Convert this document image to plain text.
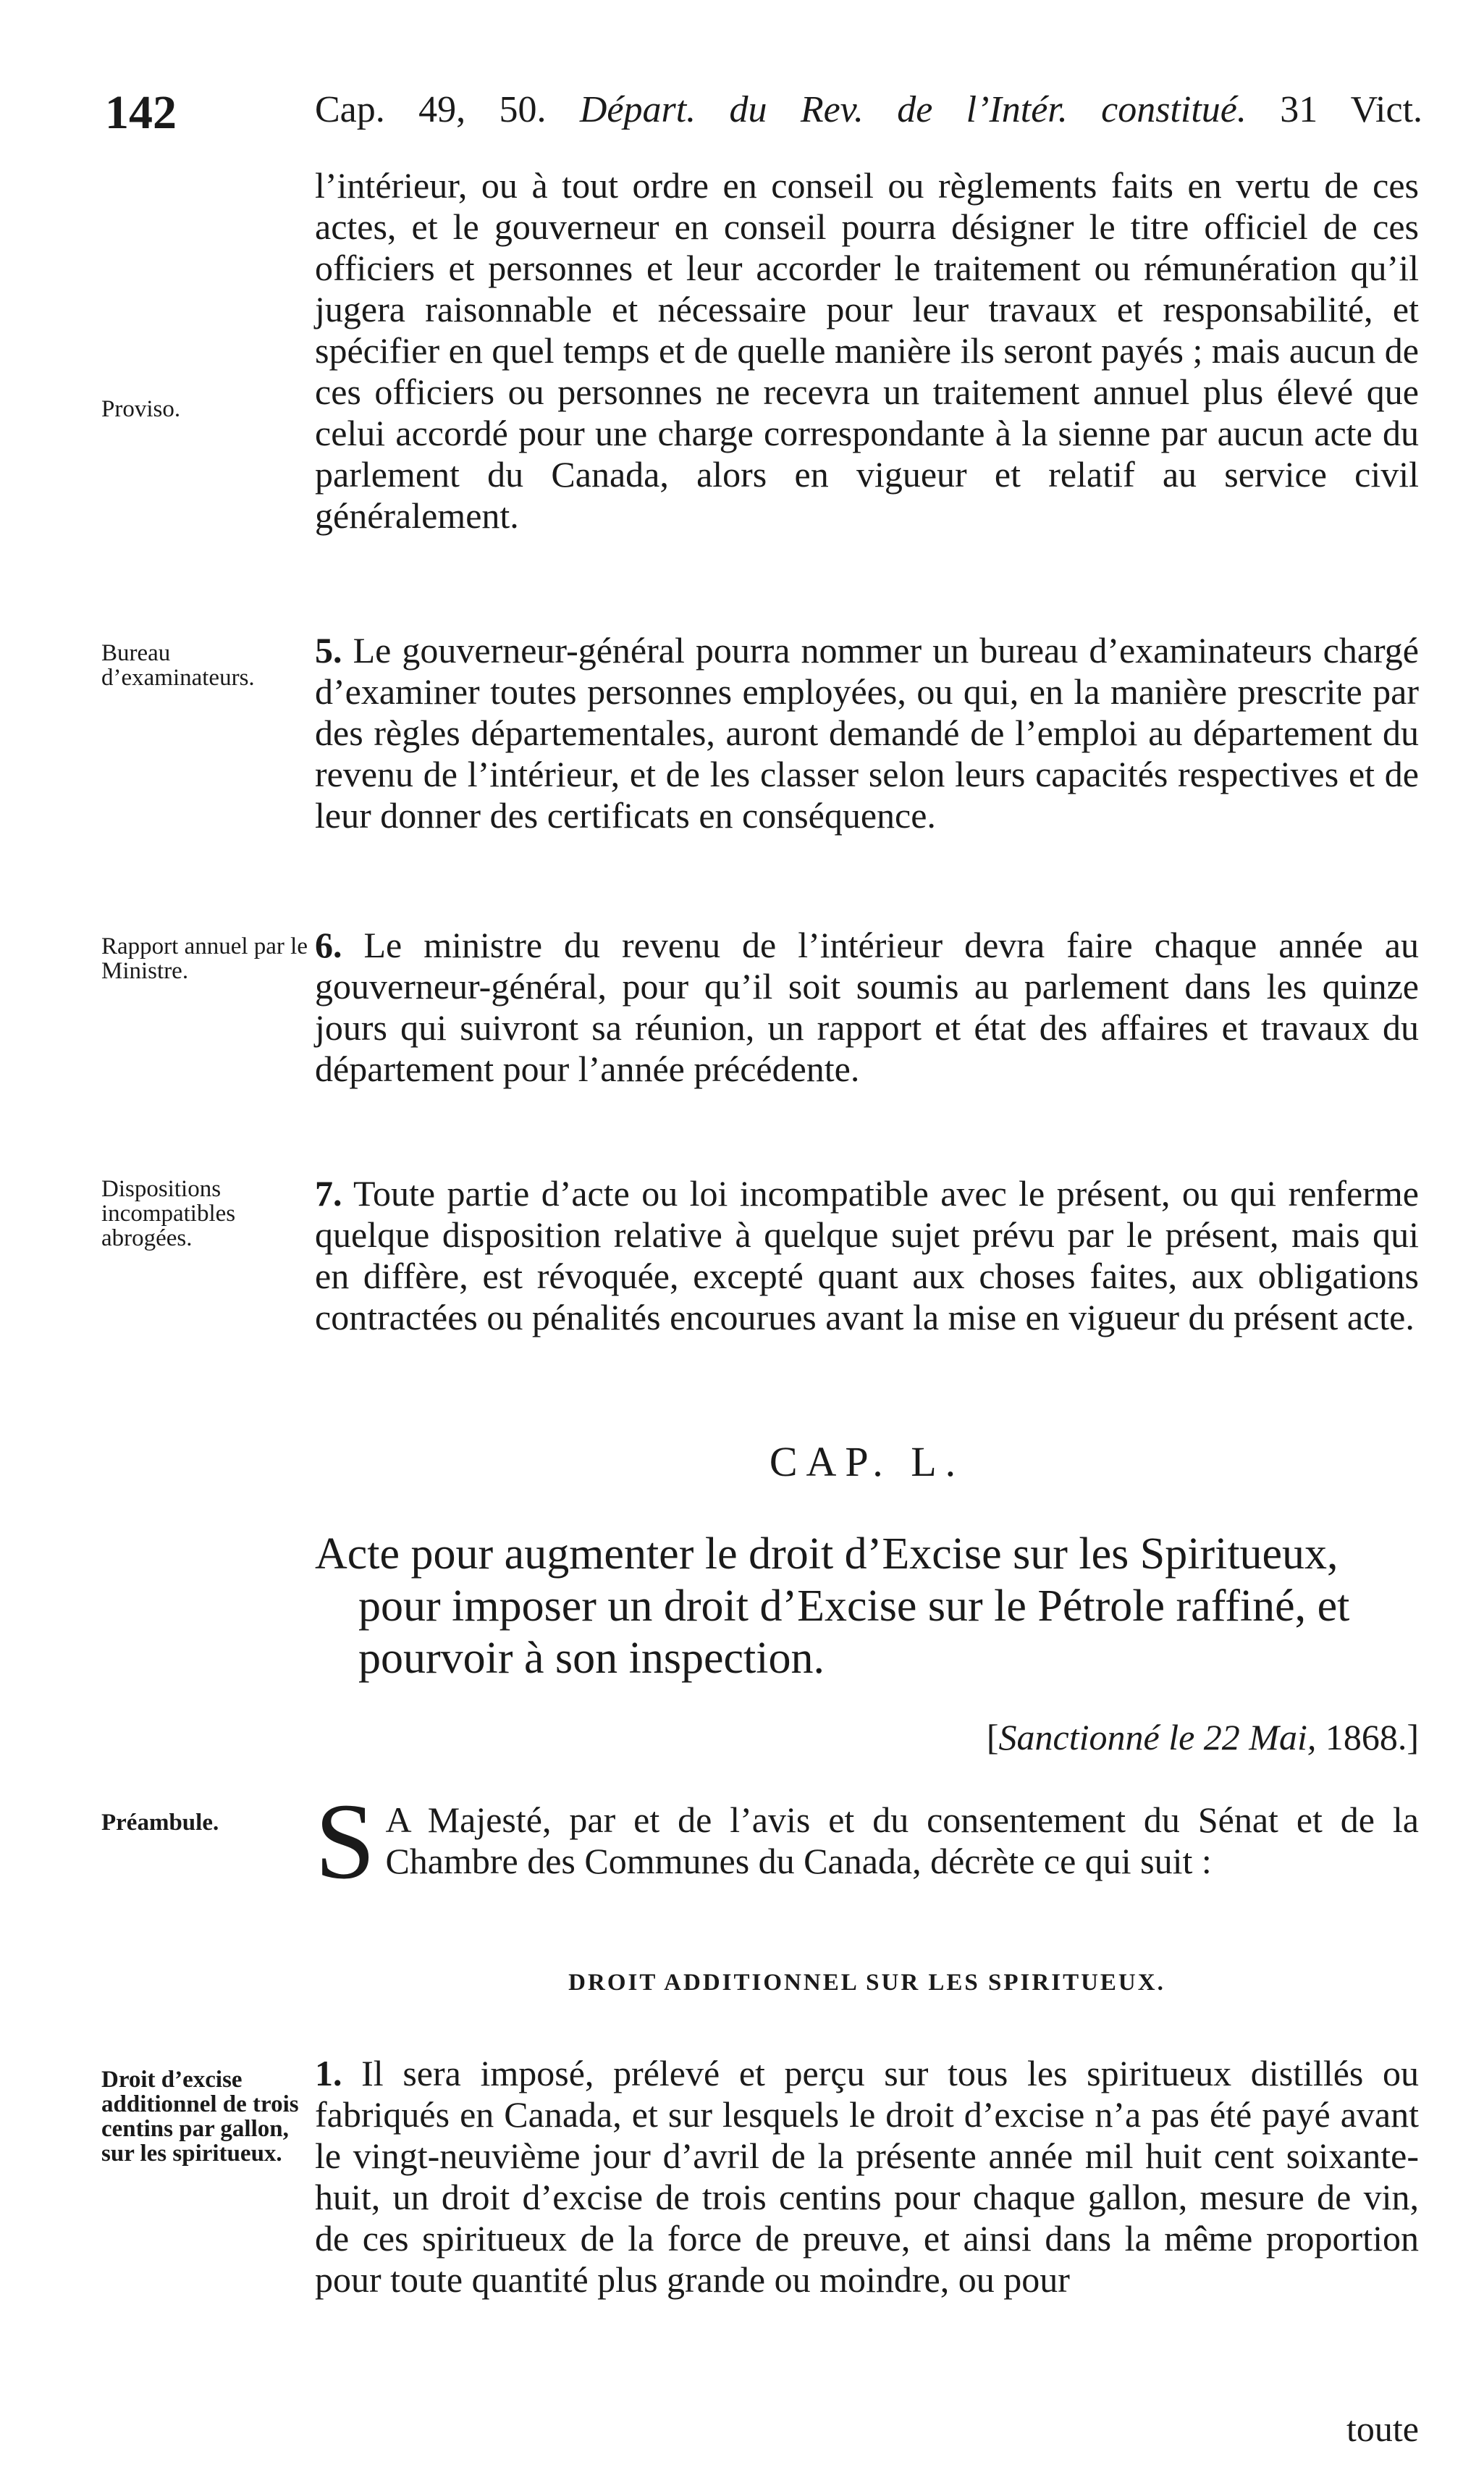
142	Cap. 49, 50. Départ. du Rev. de l’Intér. constitué. 31 Vict.
l’intérieur, ou à tout ordre en conseil ou règlements faits en vertu de ces actes, et le gouverneur en conseil pourra désigner le titre officiel de ces officiers et personnes et leur accorder le traitement ou rémunération qu’il jugera raisonnable et nécessaire pour leur travaux et responsabilité, et spécifier en quel temps et de quelle manière ils seront payés ; mais aucun de ces officiers ou personnes ne recevra un traitement annuel plus élevé que celui accordé pour une charge correspondante à la sienne par aucun acte du parlement du Canada, alors en vigueur et relatif au service civil généralement.
Proviso.
Bureau d’examinateurs.
5. Le gouverneur-général pourra nommer un bureau d’examinateurs chargé d’examiner toutes personnes employées, ou qui, en la manière prescrite par des règles départementales, auront demandé de l’emploi au département du revenu de l’intérieur, et de les classer selon leurs capacités respectives et de leur donner des certificats en conséquence.
Rapport annuel par le Ministre.
6. Le ministre du revenu de l’intérieur devra faire chaque année au gouverneur-général, pour qu’il soit soumis au parlement dans les quinze jours qui suivront sa réunion, un rapport et état des affaires et travaux du département pour l’année précédente.
Dispositions incompatibles abrogées.
7. Toute partie d’acte ou loi incompatible avec le présent, ou qui renferme quelque disposition relative à quelque sujet prévu par le présent, mais qui en diffère, est révoquée, excepté quant aux choses faites, aux obligations contractées ou pénalités encourues avant la mise en vigueur du présent acte.
CAP. L.
Acte pour augmenter le droit d’Excise sur les Spiritueux, pour imposer un droit d’Excise sur le Pétrole raffiné, et pourvoir à son inspection.
[Sanctionné le 22 Mai, 1868.]
Préambule. S A Majesté, par et de l’avis et du consentement du Sénat et de la Chambre des Communes du Canada, décrète ce qui suit :
DROIT ADDITIONNEL SUR LES SPIRITUEUX.
Droit d’excise additionnel de trois centins par gallon, sur les spiritueux.
1. Il sera imposé, prélevé et perçu sur tous les spiritueux distillés ou fabriqués en Canada, et sur lesquels le droit d’excise n’a pas été payé avant le vingt-neuvième jour d’avril de la présente année mil huit cent soixante-huit, un droit d’excise de trois centins pour chaque gallon, mesure de vin, de ces spiritueux de la force de preuve, et ainsi dans la même proportion pour toute quantité plus grande ou moindre, ou pour
toute
